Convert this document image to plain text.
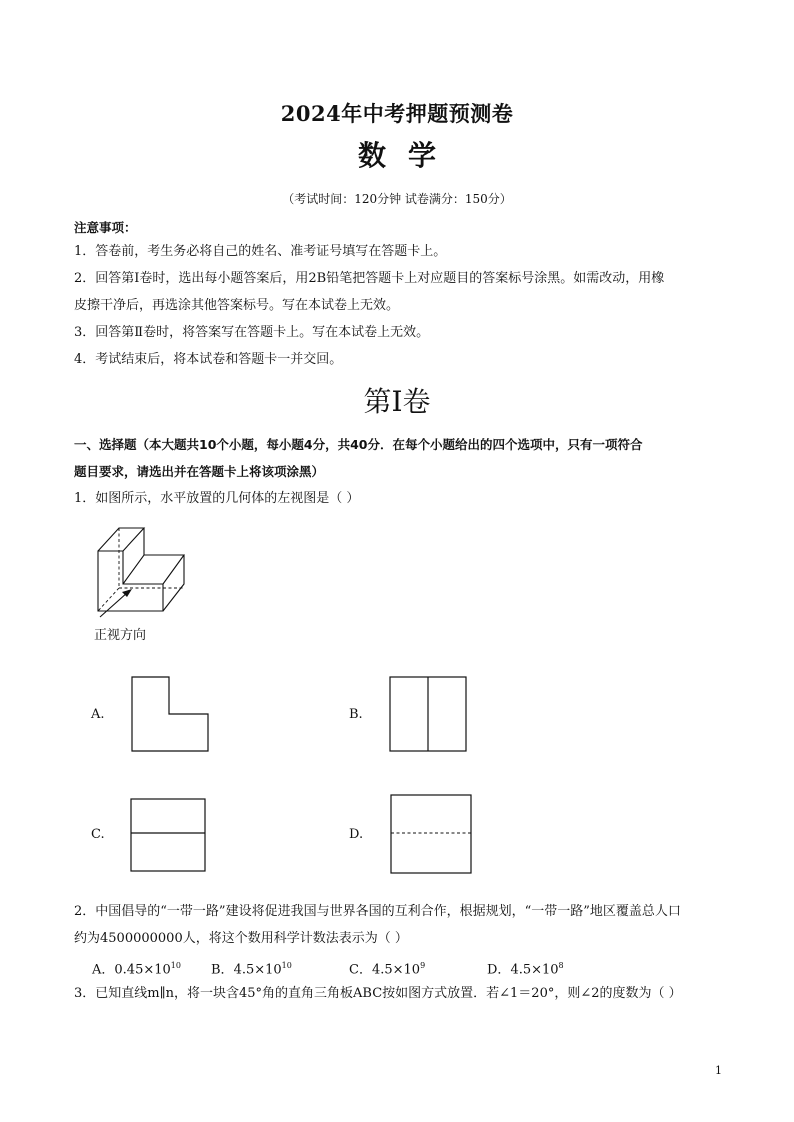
2024年中考押题预测卷
数学
（考试时间：120分钟 试卷满分：150分）
注意事项：
1．答卷前，考生务必将自己的姓名、准考证号填写在答题卡上。
2．回答第Ⅰ卷时，选出每小题答案后，用2B铅笔把答题卡上对应题目的答案标号涂黑。如需改动，用橡
皮擦干净后，再选涂其他答案标号。写在本试卷上无效。
3．回答第Ⅱ卷时，将答案写在答题卡上。写在本试卷上无效。
4．考试结束后，将本试卷和答题卡一并交回。
第Ⅰ卷
一、选择题（本大题共10个小题，每小题4分，共40分．在每个小题给出的四个选项中，只有一项符合
题目要求，请选出并在答题卡上将该项涂黑）
1．如图所示，水平放置的几何体的左视图是（ ）
正视方向
A.	B.
C.	D.
2．中国倡导的“一带一路”建设将促进我国与世界各国的互利合作，根据规划，“一带一路”地区覆盖总人口
约为4500000000人，将这个数用科学计数法表示为（ ）
A．$0.45\times 10^{10}$ B．$4.5\times 10^{10}$	C．$4.5\times 10^9$	D．$4.5\times 10^8$
3．已知直线m∥n，将一块含45°角的直角三角板ABC按如图方式放置．若∠1＝20°，则∠2的度数为（ ）
1
